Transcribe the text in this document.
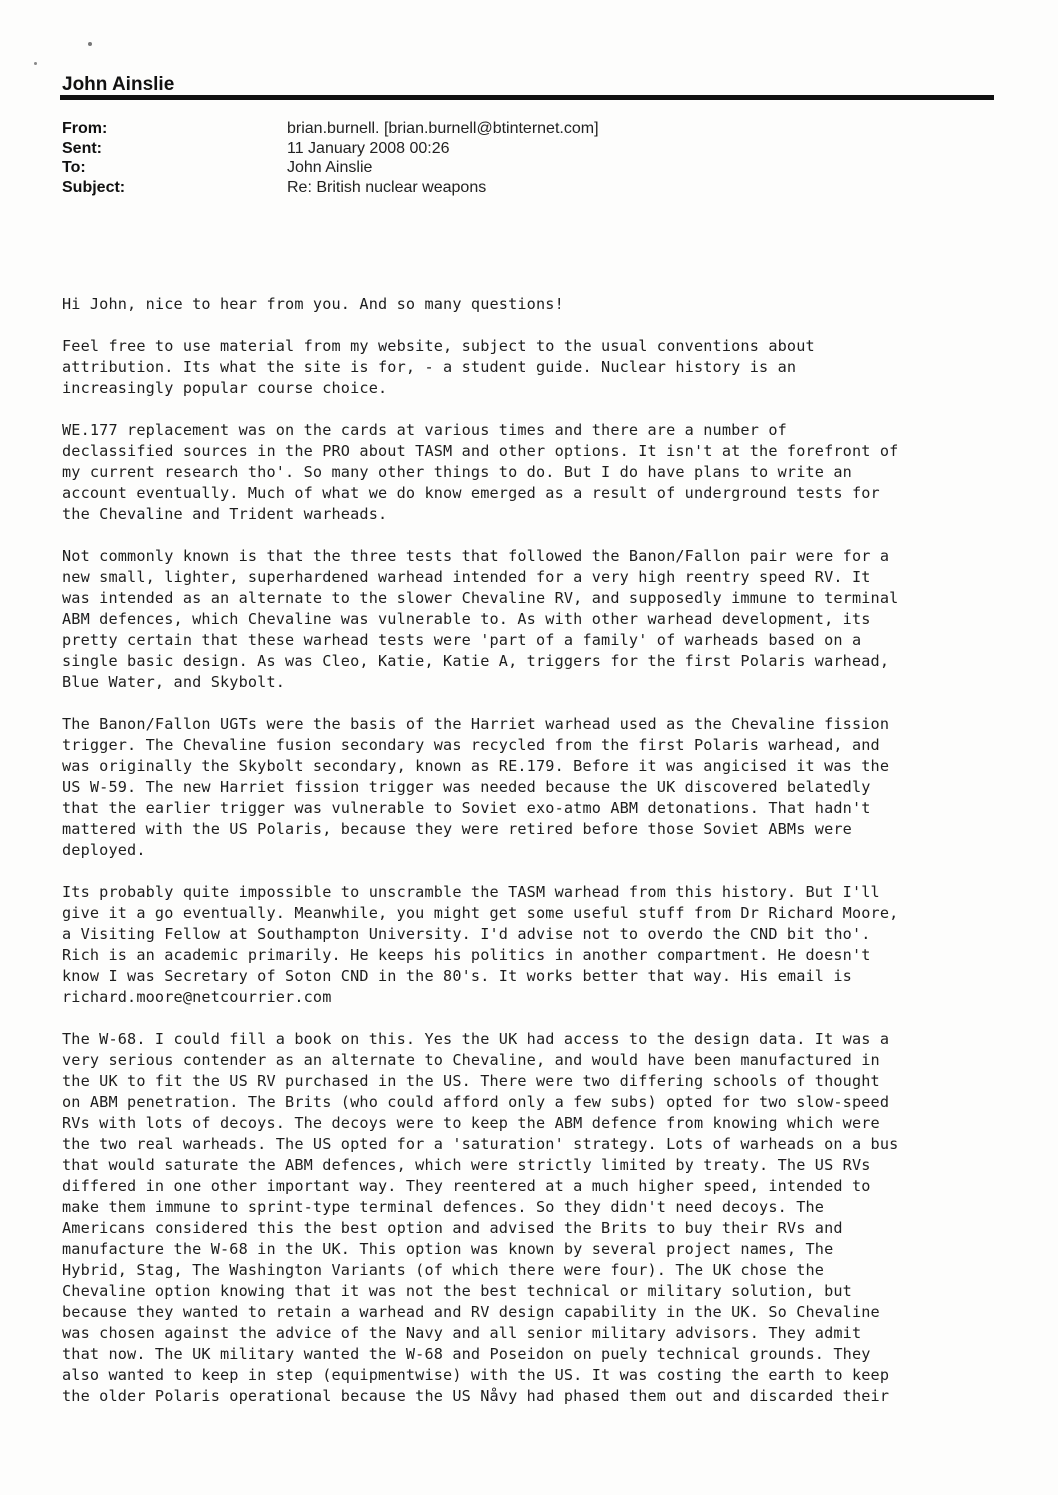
John Ainslie
From:	brian.burnell. [brian.burnell@btinternet.com]
Sent:	11 January 2008 00:26
To:	John Ainslie
Subject:	Re: British nuclear weapons

Hi John, nice to hear from you. And so many questions!

Feel free to use material from my website, subject to the usual conventions about
attribution. Its what the site is for, - a student guide. Nuclear history is an
increasingly popular course choice.

WE.177 replacement was on the cards at various times and there are a number of
declassified sources in the PRO about TASM and other options. It isn't at the forefront of
my current research tho'. So many other things to do. But I do have plans to write an
account eventually. Much of what we do know emerged as a result of underground tests for
the Chevaline and Trident warheads.

Not commonly known is that the three tests that followed the Banon/Fallon pair were for a
new small, lighter, superhardened warhead intended for a very high reentry speed RV. It
was intended as an alternate to the slower Chevaline RV, and supposedly immune to terminal
ABM defences, which Chevaline was vulnerable to. As with other warhead development, its
pretty certain that these warhead tests were 'part of a family' of warheads based on a
single basic design. As was Cleo, Katie, Katie A, triggers for the first Polaris warhead,
Blue Water, and Skybolt.

The Banon/Fallon UGTs were the basis of the Harriet warhead used as the Chevaline fission
trigger. The Chevaline fusion secondary was recycled from the first Polaris warhead, and
was originally the Skybolt secondary, known as RE.179. Before it was angicised it was the
US W-59. The new Harriet fission trigger was needed because the UK discovered belatedly
that the earlier trigger was vulnerable to Soviet exo-atmo ABM detonations. That hadn't
mattered with the US Polaris, because they were retired before those Soviet ABMs were
deployed.

Its probably quite impossible to unscramble the TASM warhead from this history. But I'll
give it a go eventually. Meanwhile, you might get some useful stuff from Dr Richard Moore,
a Visiting Fellow at Southampton University. I'd advise not to overdo the CND bit tho'.
Rich is an academic primarily. He keeps his politics in another compartment. He doesn't
know I was Secretary of Soton CND in the 80's. It works better that way. His email is
richard.moore@netcourrier.com

The W-68. I could fill a book on this. Yes the UK had access to the design data. It was a
very serious contender as an alternate to Chevaline, and would have been manufactured in
the UK to fit the US RV purchased in the US. There were two differing schools of thought
on ABM penetration. The Brits (who could afford only a few subs) opted for two slow-speed
RVs with lots of decoys. The decoys were to keep the ABM defence from knowing which were
the two real warheads. The US opted for a 'saturation' strategy. Lots of warheads on a bus
that would saturate the ABM defences, which were strictly limited by treaty. The US RVs
differed in one other important way. They reentered at a much higher speed, intended to
make them immune to sprint-type terminal defences. So they didn't need decoys. The
Americans considered this the best option and advised the Brits to buy their RVs and
manufacture the W-68 in the UK. This option was known by several project names, The
Hybrid, Stag, The Washington Variants (of which there were four). The UK chose the
Chevaline option knowing that it was not the best technical or military solution, but
because they wanted to retain a warhead and RV design capability in the UK. So Chevaline
was chosen against the advice of the Navy and all senior military advisors. They admit
that now. The UK military wanted the W-68 and Poseidon on puely technical grounds. They
also wanted to keep in step (equipmentwise) with the US. It was costing the earth to keep
the older Polaris operational because the US Nåvy had phased them out and discarded their
